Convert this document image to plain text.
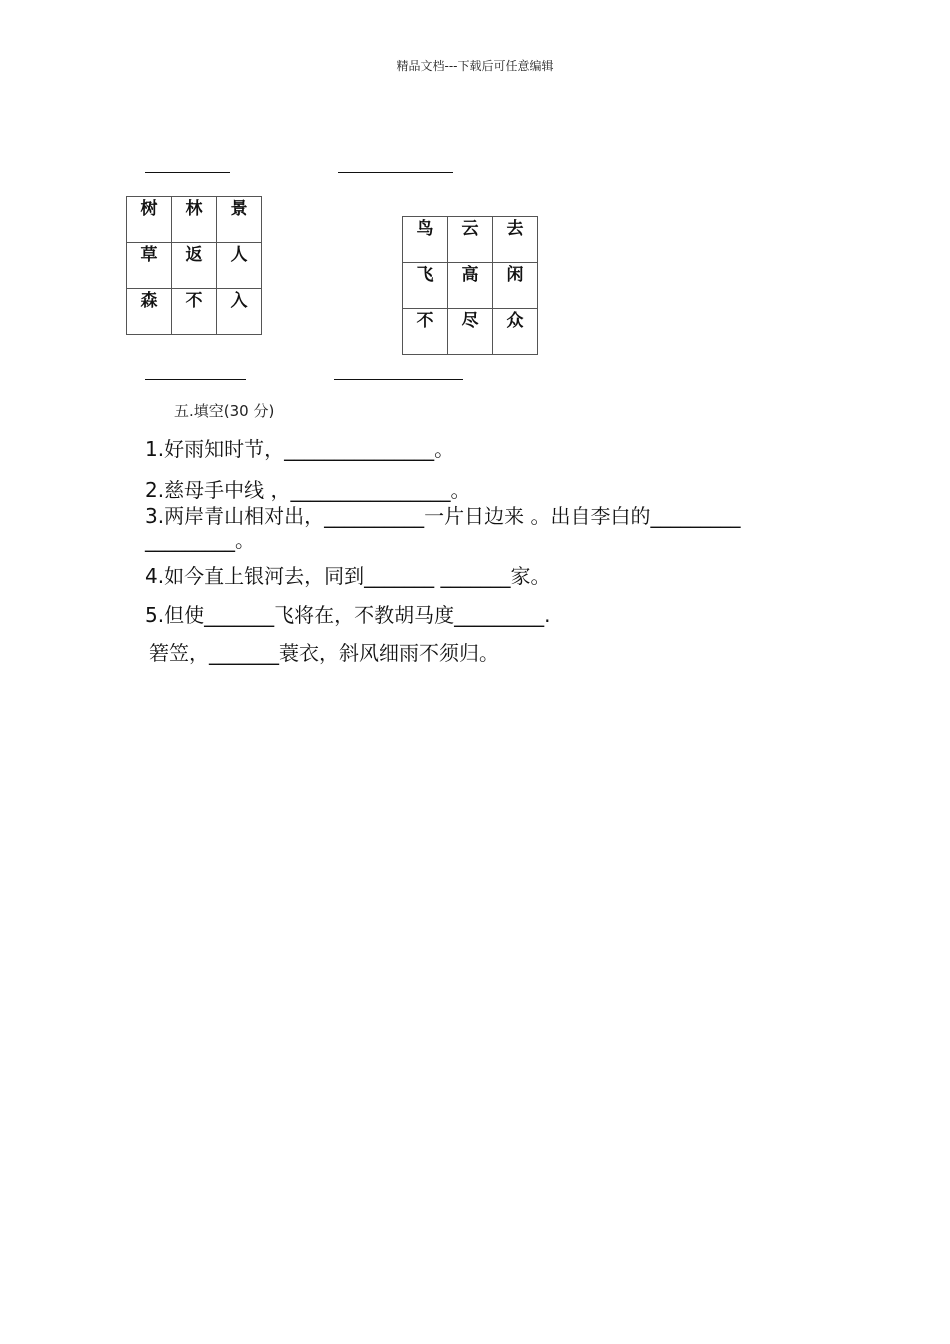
精品文档---下载后可任意编辑
树	林	景
草	返	人
森	不	入
鸟	云	去
飞	高	闲
不	尽	众
五.填空(30 分)
1.好雨知时节，_______________。
2.慈母手中线 ，________________。
3.两岸青山相对出，__________一片日边来 。出自李白的_________
_________。
4.如今直上银河去，同到_______ _______家。
5.但使_______飞将在，不教胡马度_________.
箬笠，_______蓑衣，斜风细雨不须归。
